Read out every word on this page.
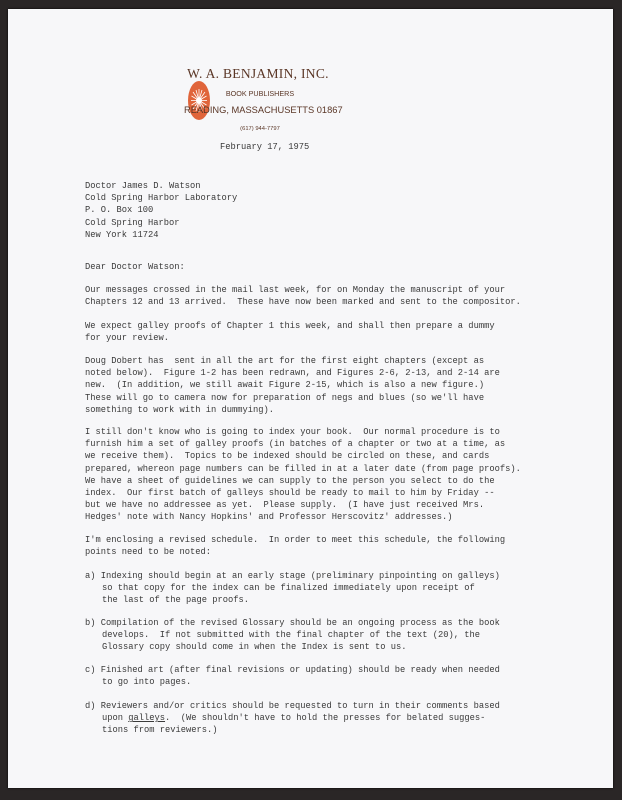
W. A. BENJAMIN, INC.
BOOK PUBLISHERS
READING, MASSACHUSETTS 01867
(617) 944-7797
February 17, 1975
Doctor James D. Watson
Cold Spring Harbor Laboratory
P. O. Box 100
Cold Spring Harbor
New York 11724
Dear Doctor Watson:
Our messages crossed in the mail last week, for on Monday the manuscript of your
Chapters 12 and 13 arrived.  These have now been marked and sent to the compositor.
We expect galley proofs of Chapter 1 this week, and shall then prepare a dummy
for your review.
Doug Dobert has  sent in all the art for the first eight chapters (except as
noted below).  Figure 1-2 has been redrawn, and Figures 2-6, 2-13, and 2-14 are
new.  (In addition, we still await Figure 2-15, which is also a new figure.)
These will go to camera now for preparation of negs and blues (so we'll have
something to work with in dummying).
I still don't know who is going to index your book.  Our normal procedure is to
furnish him a set of galley proofs (in batches of a chapter or two at a time, as
we receive them).  Topics to be indexed should be circled on these, and cards
prepared, whereon page numbers can be filled in at a later date (from page proofs).
We have a sheet of guidelines we can supply to the person you select to do the
index.  Our first batch of galleys should be ready to mail to him by Friday --
but we have no addressee as yet.  Please supply.  (I have just received Mrs.
Hedges' note with Nancy Hopkins' and Professor Herscovitz' addresses.)
I'm enclosing a revised schedule.  In order to meet this schedule, the following
points need to be noted:
a) Indexing should begin at an early stage (preliminary pinpointing on galleys)
so that copy for the index can be finalized immediately upon receipt of
the last of the page proofs.
b) Compilation of the revised Glossary should be an ongoing process as the book
develops.  If not submitted with the final chapter of the text (20), the
Glossary copy should come in when the Index is sent to us.
c) Finished art (after final revisions or updating) should be ready when needed
to go into pages.
d) Reviewers and/or critics should be requested to turn in their comments based
upon galleys.  (We shouldn't have to hold the presses for belated sugges-
tions from reviewers.)
